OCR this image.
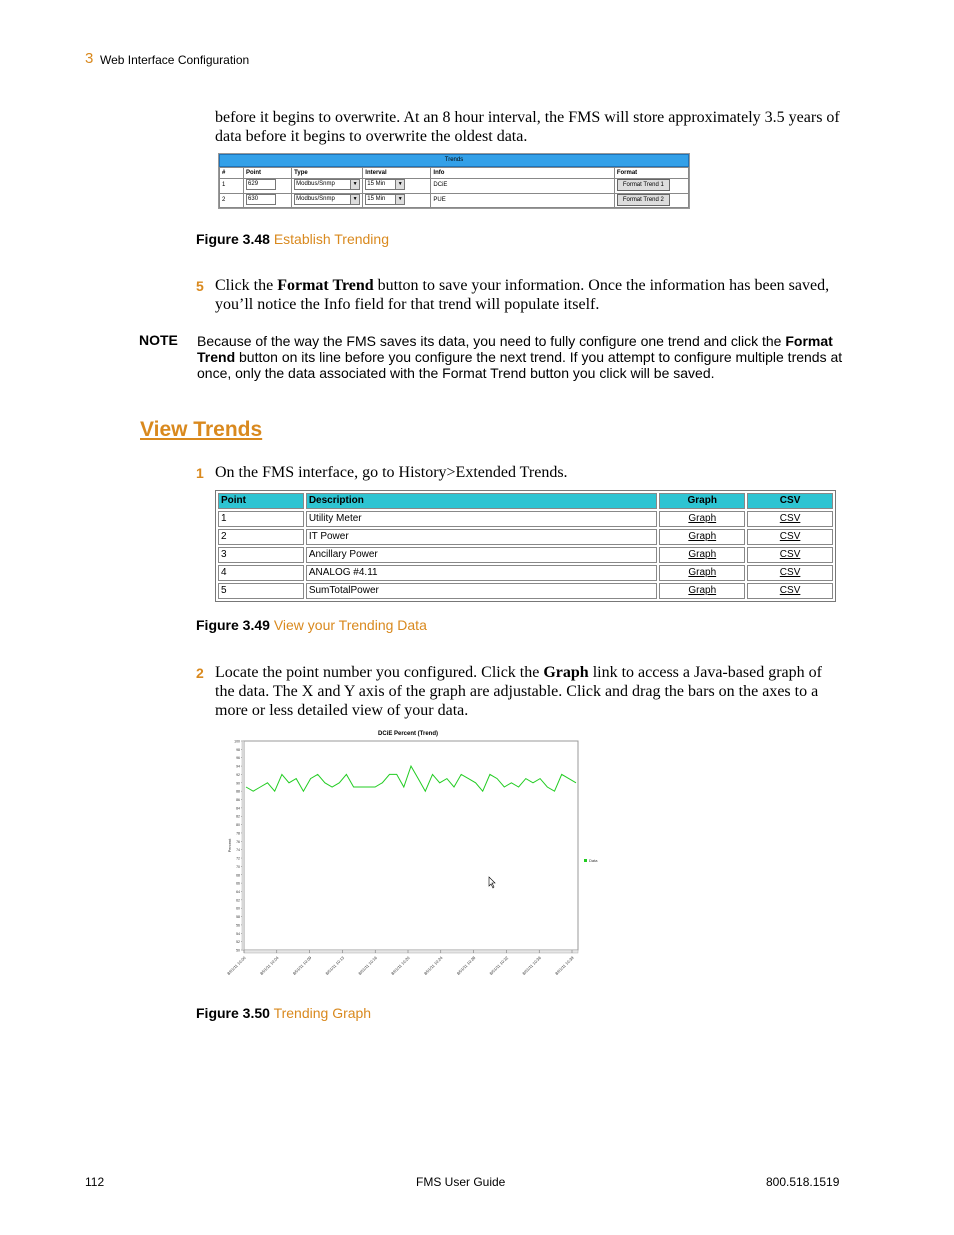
3 Web Interface Configuration
before it begins to overwrite. At an 8 hour interval, the FMS will store approximately 3.5 years of data before it begins to overwrite the oldest data.
Trends
#	Point	Type	Interval	Info	Format
1	629	Modbus/Snmp ▼	15 Min ▼	DCiE	Format Trend 1
2	630	Modbus/Snmp ▼	15 Min ▼	PUE	Format Trend 2
Figure 3.48 Establish Trending
5 Click the Format Trend button to save your information. Once the information has been saved, you’ll notice the Info field for that trend will populate itself.
NOTE Because of the way the FMS saves its data, you need to fully configure one trend and click the Format Trend button on its line before you configure the next trend. If you attempt to configure multiple trends at once, only the data associated with the Format Trend button you click will be saved.
View Trends
1 On the FMS interface, go to History>Extended Trends.
Point	Description	Graph	CSV
1	Utility Meter	Graph	CSV
2	IT Power	Graph	CSV
3	Ancillary Power	Graph	CSV
4	ANALOG #4.11	Graph	CSV
5	SumTotalPower	Graph	CSV
Figure 3.49 View your Trending Data
2 Locate the point number you configured. Click the Graph link to access a Java-based graph of the data. The X and Y axis of the graph are adjustable. Click and drag the bars on the axes to a more or less detailed view of your data.
DCiE Percent (Trend)
50
52
54
56
58
60
62
64
66
68
70
72
74
76
78
80
82
84
86
88
90
92
94
96
98
100
Percent
8/01/11 10:00	8/01/11 10:04	8/01/11 10:09	8/01/11 10:13	8/01/11 10:16	8/01/11 10:20	8/01/11 10:24	8/01/11 10:28	8/01/11 10:32	8/01/11 10:36	8/01/11 10:39
Data
Figure 3.50 Trending Graph
112	FMS User Guide	800.518.1519
